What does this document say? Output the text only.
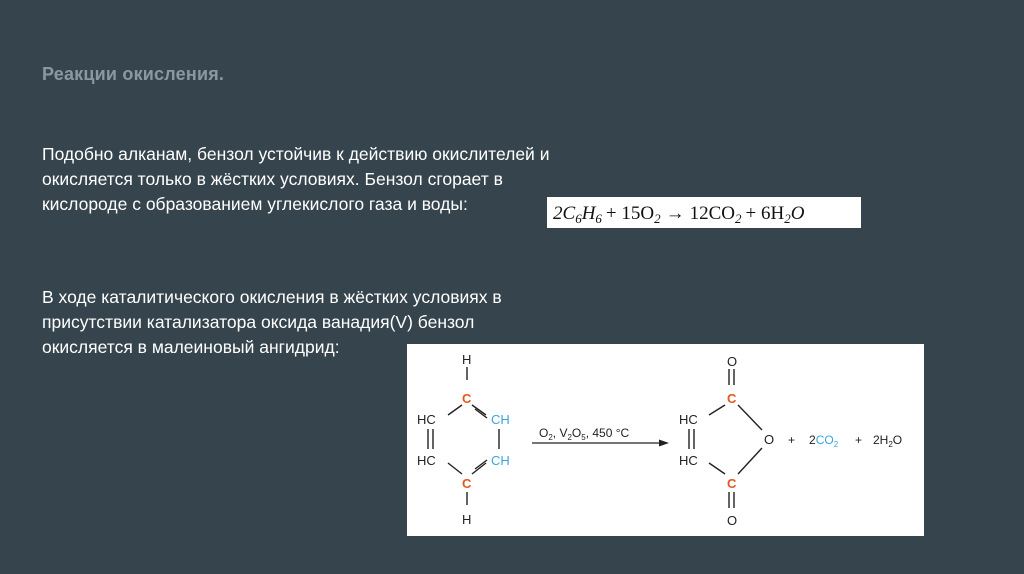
Реакции окисления.
Подобно алканам, бензол устойчив к действию окислителей и
окисляется только в жёстких условиях. Бензол сгорает в
кислороде с образованием углекислого газа и воды:	$2C_6H_6 + 15O_2 \to 12CO_2 + 6H_2O$
В ходе каталитического окисления в жёстких условиях в
присутствии катализатора оксида ванадия(V) бензол
окисляется в малеиновый ангидрид:
H
C
HC	CH
HC	CH
C
H
$O_2$, $V_2O_5$, 450 °C
O
C
HC
O
HC
C
O
+ $2CO_2 + 2H_2O$
